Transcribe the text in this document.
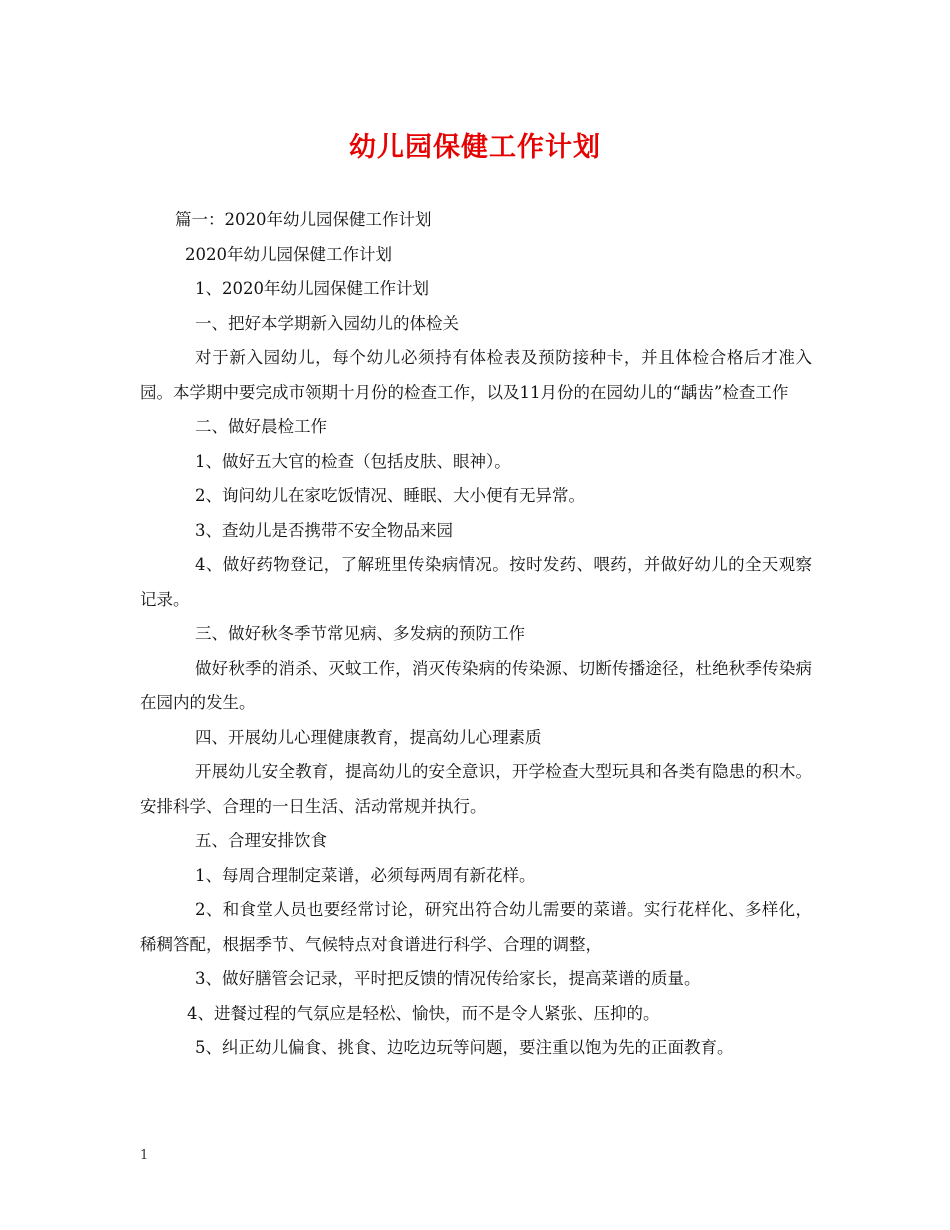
幼儿园保健工作计划

篇一：2020年幼儿园保健工作计划

2020年幼儿园保健工作计划

1、2020年幼儿园保健工作计划

一、把好本学期新入园幼儿的体检关

对于新入园幼儿，每个幼儿必须持有体检表及预防接种卡，并且体检合格后才准入园。本学期中要完成市领期十月份的检查工作，以及11月份的在园幼儿的“龋齿”检查工作

二、做好晨检工作

1、做好五大官的检查（包括皮肤、眼神）。

2、询问幼儿在家吃饭情况、睡眠、大小便有无异常。

3、查幼儿是否携带不安全物品来园

4、做好药物登记，了解班里传染病情况。按时发药、喂药，并做好幼儿的全天观察记录。

三、做好秋冬季节常见病、多发病的预防工作

做好秋季的消杀、灭蚊工作，消灭传染病的传染源、切断传播途径，杜绝秋季传染病在园内的发生。

四、开展幼儿心理健康教育，提高幼儿心理素质

开展幼儿安全教育，提高幼儿的安全意识，开学检查大型玩具和各类有隐患的积木。安排科学、合理的一日生活、活动常规并执行。

五、合理安排饮食

1、每周合理制定菜谱，必须每两周有新花样。

2、和食堂人员也要经常讨论，研究出符合幼儿需要的菜谱。实行花样化、多样化，稀稠答配，根据季节、气候特点对食谱进行科学、合理的调整，

3、做好膳管会记录，平时把反馈的情况传给家长，提高菜谱的质量。

4、进餐过程的气氛应是轻松、愉快，而不是令人紧张、压抑的。

5、纠正幼儿偏食、挑食、边吃边玩等问题，要注重以饱为先的正面教育。

1
